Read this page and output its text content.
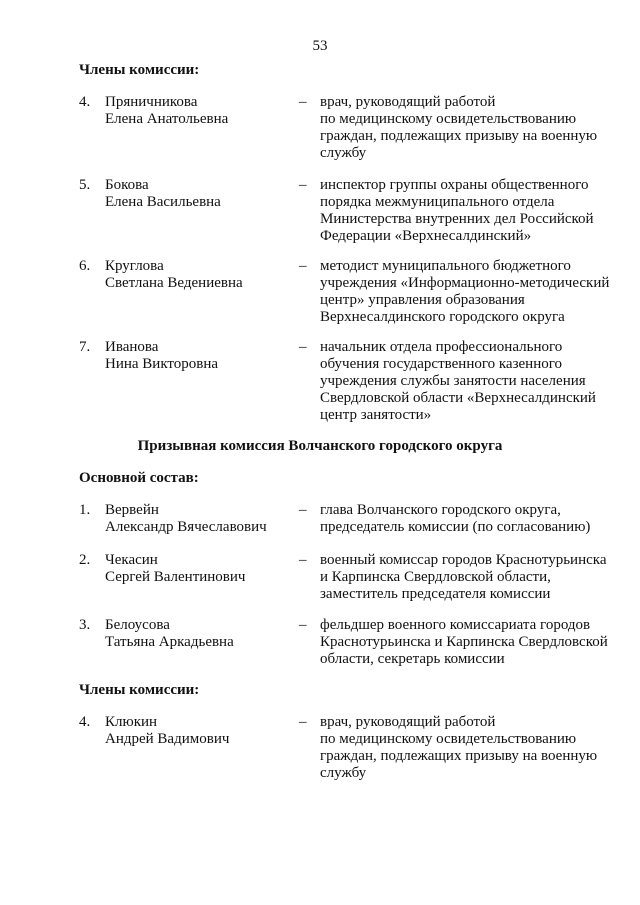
53
Члены комиссии:
4. Пряничникова
Елена Анатольевна
– врач, руководящий работой
по медицинскому освидетельствованию
граждан, подлежащих призыву на военную
службу
5. Бокова
Елена Васильевна
– инспектор группы охраны общественного
порядка межмуниципального отдела
Министерства внутренних дел Российской
Федерации «Верхнесалдинский»
6. Круглова
Светлана Ведениевна
– методист муниципального бюджетного
учреждения «Информационно-методический
центр» управления образования
Верхнесалдинского городского округа
7. Иванова
Нина Викторовна
– начальник отдела профессионального
обучения государственного казенного
учреждения службы занятости населения
Свердловской области «Верхнесалдинский
центр занятости»
Призывная комиссия Волчанского городского округа
Основной состав:
1. Вервейн
Александр Вячеславович
– глава Волчанского городского округа,
председатель комиссии (по согласованию)
2. Чекасин
Сергей Валентинович
– военный комиссар городов Краснотурьинска
и Карпинска Свердловской области,
заместитель председателя комиссии
3. Белоусова
Татьяна Аркадьевна
– фельдшер военного комиссариата городов
Краснотурьинска и Карпинска Свердловской
области, секретарь комиссии
Члены комиссии:
4. Клюкин
Андрей Вадимович
– врач, руководящий работой
по медицинскому освидетельствованию
граждан, подлежащих призыву на военную
службу
